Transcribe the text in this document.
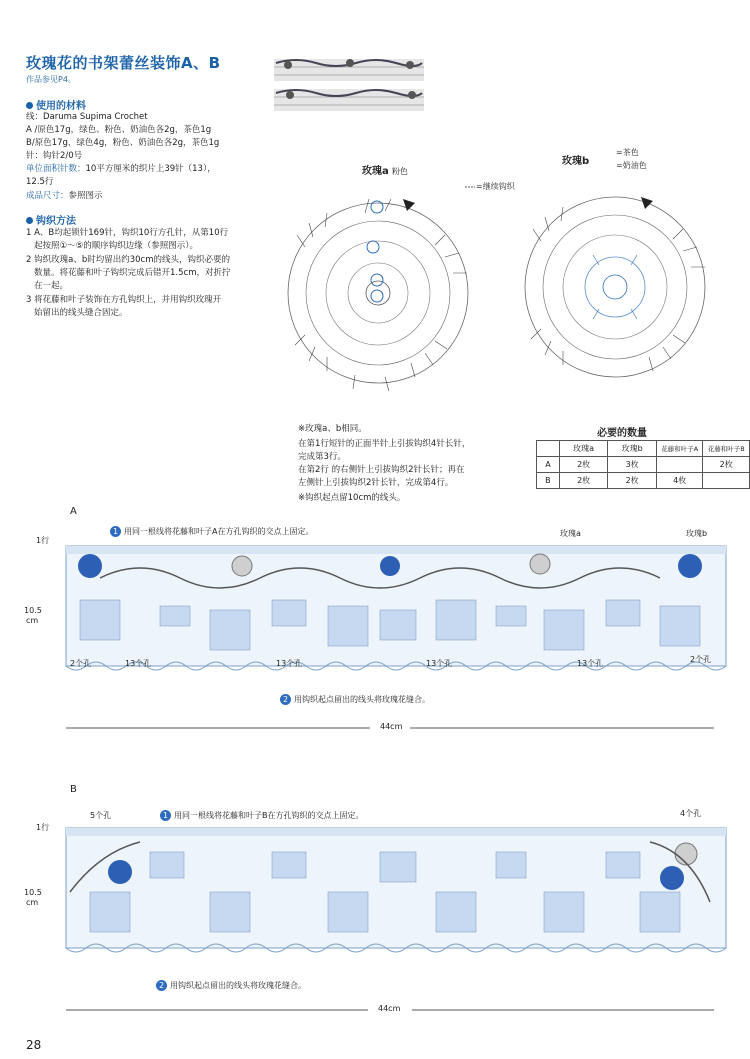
玫瑰花的书架蕾丝装饰A、B
作品参见P4。
使用的材料
线：Daruma Supima Crochet
A /原色17g，绿色、粉色、奶油色各2g，茶色1g
B/原色17g，绿色4g，粉色、奶油色各2g，茶色1g
针：钩针2/0号
单位面积针数：10平方厘米的织片上39针（13），
12.5行
成品尺寸：参照图示
钩织方法
1 A、B均起锁针169针，钩织10行方孔针，从第10行
起按照①～⑤的顺序钩织边缘（参照图示）。
2 钩织玫瑰a、b时均留出约30cm的线头，钩织必要的
数量。将花藤和叶子钩织完成后错开1.5cm，对折拧
在一起。
3 将花藤和叶子装饰在方孔钩织上，并用钩织玫瑰开
始留出的线头缝合固定。
玫瑰a 粉色
=继续钩织
玫瑰b
=茶色
=奶油色
※玫瑰a、b相同。
在第1行短针的正面半针上引拔钩织4针长针，
完成第3行。
在第2行 的右侧针上引拔钩织2针长针；再在
左侧针上引拔钩织2针长针，完成第4行。
※钩织起点留10cm的线头。
必要的数量
	玫瑰a	玫瑰b	花藤和叶子A	花藤和叶子B
A	2枚	3枚		2枚
B	2枚	2枚	4枚	
A
1 用同一根线将花藤和叶子A在方孔钩织的交点上固定。	玫瑰a	玫瑰b
1行
10.5
cm
2个孔	13个孔	13个孔	13个孔	13个孔	2个孔
2 用钩织起点留出的线头将玫瑰花缝合。
44cm
B
5个孔	1 用同一根线将花藤和叶子B在方孔钩织的交点上固定。	4个孔
1行
10.5
cm
2 用钩织起点留出的线头将玫瑰花缝合。
44cm
28
